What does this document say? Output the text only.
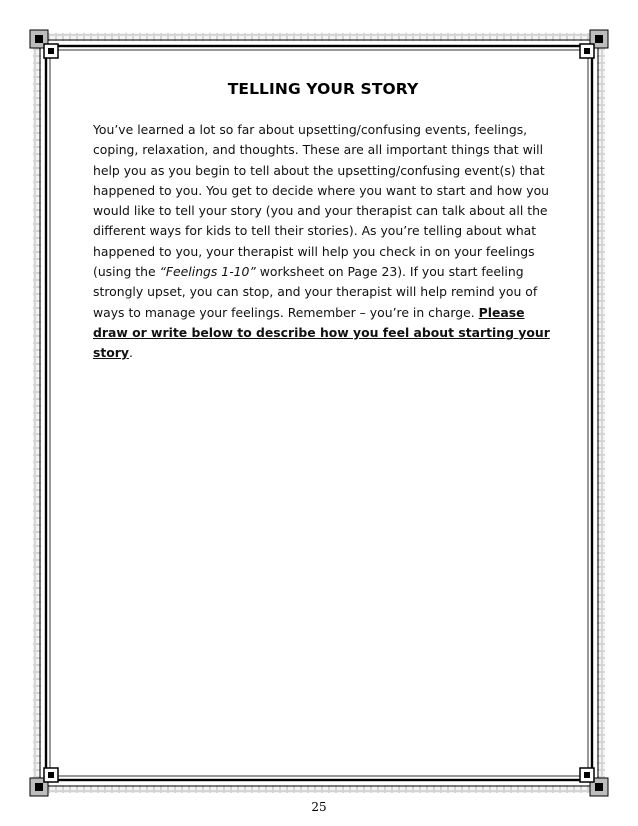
TELLING YOUR STORY

You’ve learned a lot so far about upsetting/confusing events, feelings,
coping, relaxation, and thoughts. These are all important things that will
help you as you begin to tell about the upsetting/confusing event(s) that
happened to you. You get to decide where you want to start and how you
would like to tell your story (you and your therapist can talk about all the
different ways for kids to tell their stories). As you’re telling about what
happened to you, your therapist will help you check in on your feelings
(using the “Feelings 1-10” worksheet on Page 23). If you start feeling
strongly upset, you can stop, and your therapist will help remind you of
ways to manage your feelings. Remember – you’re in charge. Please
draw or write below to describe how you feel about starting your story.

25
